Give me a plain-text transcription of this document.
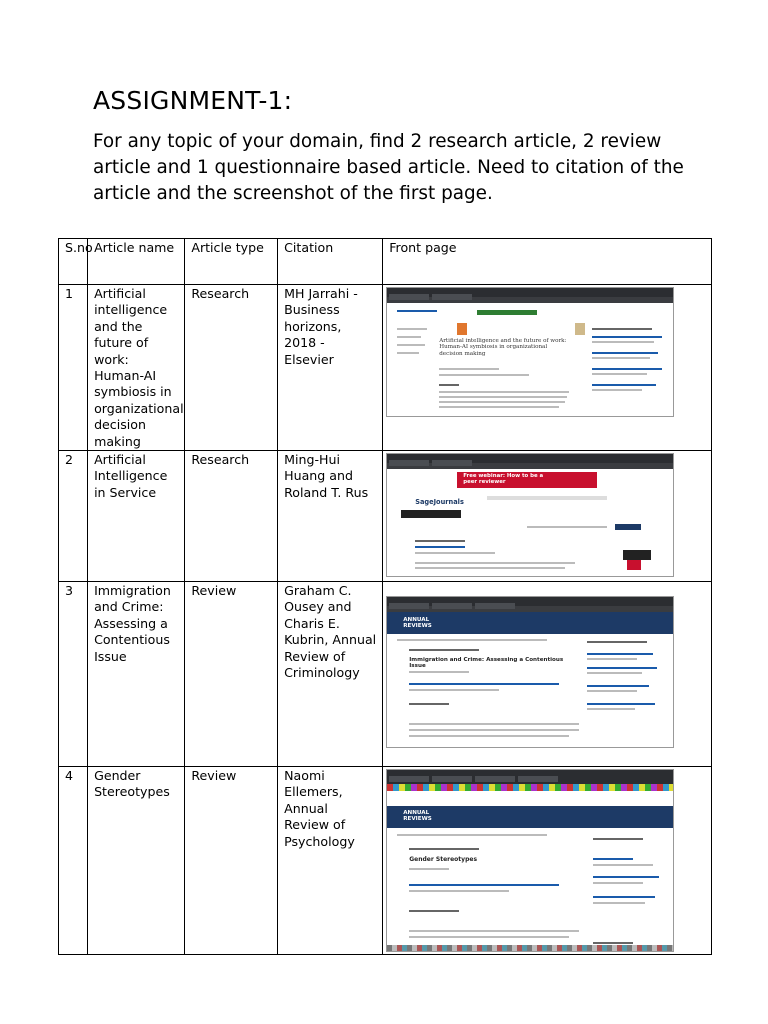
ASSIGNMENT-1:
For any topic of your domain, find 2 research article, 2 review article and 1 questionnaire based article. Need to citation of the article and the screenshot of the first page.
S.no	Article name	Article type	Citation	Front page
1	Artificial intelligence and the future of work: Human-AI symbiosis in organizational decision making	Research	MH Jarrahi - Business horizons, 2018 - Elsevier	Artificial intelligence and the future of work: Human-AI symbiosis in organizational decision making

2	Artificial Intelligence in Service	Research	Ming-Hui Huang and Roland T. Rus	Free webinar: How to be a peer reviewer
SageJournals

3	Immigration and Crime: Assessing a Contentious Issue	Review	Graham C. Ousey and Charis E. Kubrin, Annual Review of Criminology	ANNUAL REVIEWS
Immigration and Crime: Assessing a Contentious Issue

4	Gender Stereotypes	Review	Naomi Ellemers, Annual Review of Psychology	ANNUAL REVIEWS
Gender Stereotypes
